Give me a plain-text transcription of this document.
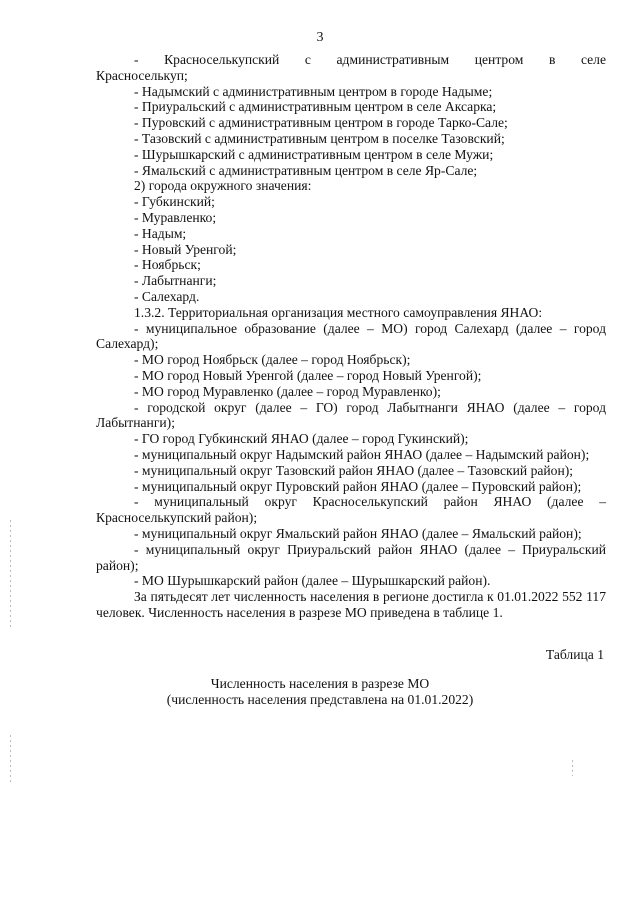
3

- Красноселькупский с административным центром в селе

Красноселькуп;

- Надымский с административным центром в городе Надыме;

- Приуральский с административным центром в селе Аксарка;

- Пуровский с административным центром в городе Тарко-Сале;

- Тазовский с административным центром в поселке Тазовский;

- Шурышкарский с административным центром в селе Мужи;

- Ямальский с административным центром в селе Яр-Сале;

2) города окружного значения:

- Губкинский;

- Муравленко;

- Надым;

- Новый Уренгой;

- Ноябрьск;

- Лабытнанги;

- Салехард.

1.3.2. Территориальная организация местного самоуправления ЯНАО:

- муниципальное образование (далее – МО) город Салехард (далее – город Салехард);

- МО город Ноябрьск (далее – город Ноябрьск);

- МО город Новый Уренгой (далее – город Новый Уренгой);

- МО город Муравленко (далее – город Муравленко);

- городской округ (далее – ГО) город Лабытнанги ЯНАО (далее – город Лабытнанги);

- ГО город Губкинский ЯНАО (далее – город Гукинский);

- муниципальный округ Надымский район ЯНАО (далее – Надымский район);

- муниципальный округ Тазовский район ЯНАО (далее – Тазовский район);

- муниципальный округ Пуровский район ЯНАО (далее – Пуровский район);

- муниципальный округ Красноселькупский район ЯНАО (далее – Красноселькупский район);

- муниципальный округ Ямальский район ЯНАО (далее – Ямальский район);

- муниципальный округ Приуральский район ЯНАО (далее – Приуральский район);

- МО Шурышкарский район (далее – Шурышкарский район).

За пятьдесят лет численность населения в регионе достигла к 01.01.2022 552 117 человек. Численность населения в разрезе МО приведена в таблице 1.

Таблица 1

Численность населения в разрезе МО

(численность населения представлена на 01.01.2022)
